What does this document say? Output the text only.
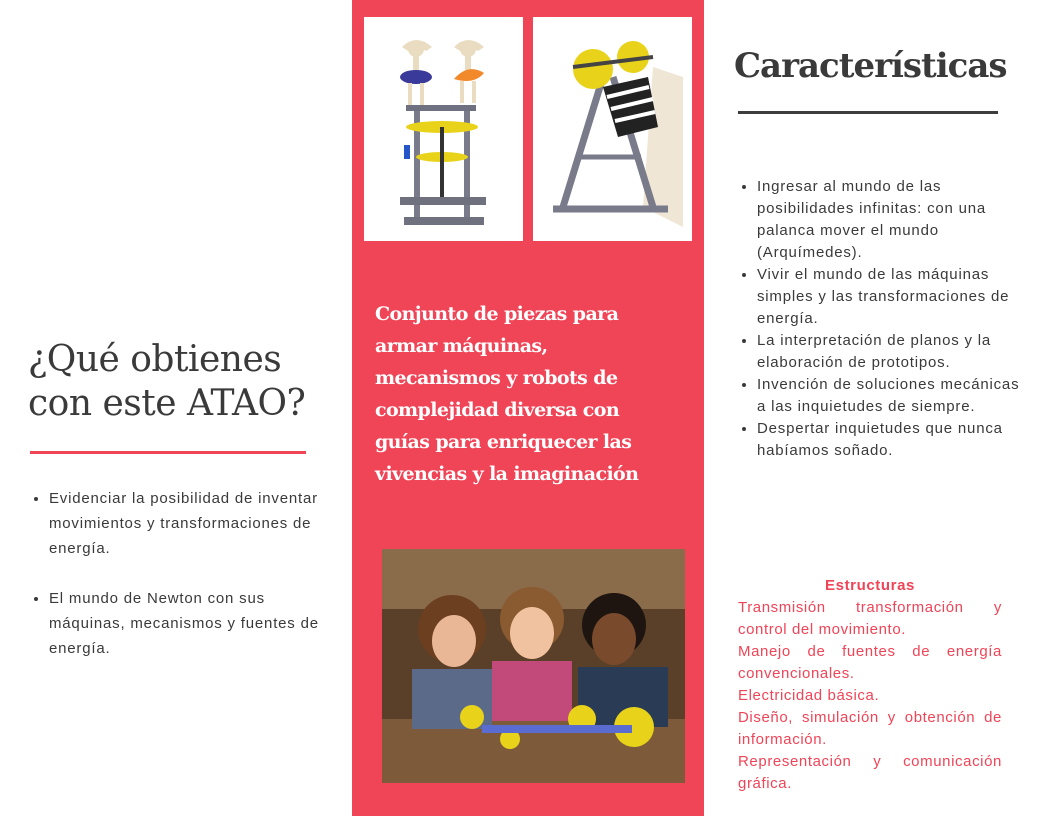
¿Qué obtienes con este ATAO?
• Evidenciar la posibilidad de inventar movimientos y transformaciones de energía.
• El mundo de Newton con sus máquinas, mecanismos y fuentes de energía.

Conjunto de piezas para armar máquinas, mecanismos y robots de complejidad diversa con guías para enriquecer las vivencias y la imaginación

Características
• Ingresar al mundo de las posibilidades infinitas: con una palanca mover el mundo (Arquímedes).
• Vivir el mundo de las máquinas simples y las transformaciones de energía.
• La interpretación de planos y la elaboración de prototipos.
• Invención de soluciones mecánicas a las inquietudes de siempre.
• Despertar inquietudes que nunca habíamos soñado.

Estructuras

Transmisión transformación y control del movimiento.

Manejo de fuentes de energía convencionales.

Electricidad básica.

Diseño, simulación y obtención de información.

Representación y comunicación gráfica.
